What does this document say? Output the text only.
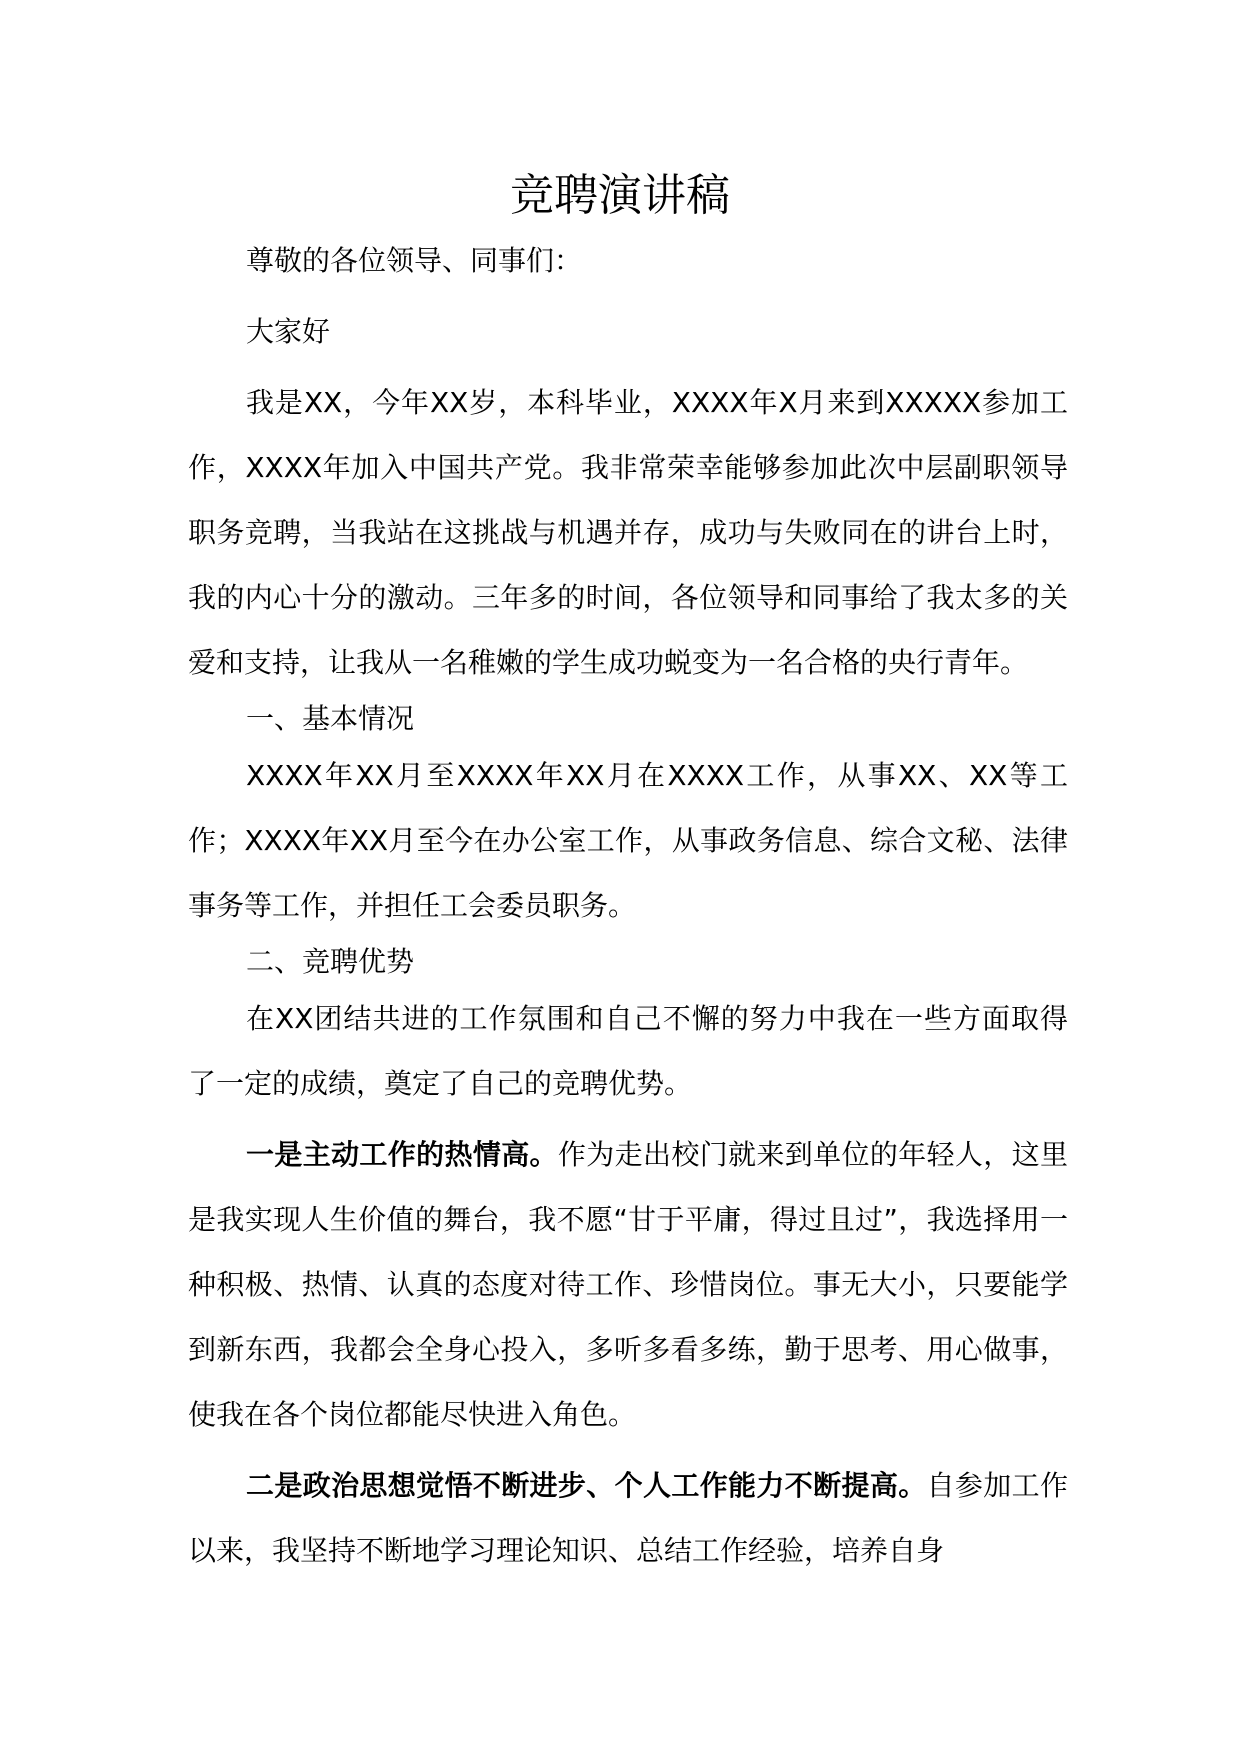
竞聘演讲稿

尊敬的各位领导、同事们：

大家好

我是XX，今年XX岁，本科毕业，XXXX年X月来到XXXXX参加工作，XXXX年加入中国共产党。我非常荣幸能够参加此次中层副职领导职务竞聘，当我站在这挑战与机遇并存，成功与失败同在的讲台上时，我的内心十分的激动。三年多的时间，各位领导和同事给了我太多的关爱和支持，让我从一名稚嫩的学生成功蜕变为一名合格的央行青年。

一、基本情况

XXXX年XX月至XXXX年XX月在XXXX工作，从事XX、XX等工作；XXXX年XX月至今在办公室工作，从事政务信息、综合文秘、法律事务等工作，并担任工会委员职务。

二、竞聘优势

在XX团结共进的工作氛围和自己不懈的努力中我在一些方面取得了一定的成绩，奠定了自己的竞聘优势。

一是主动工作的热情高。作为走出校门就来到单位的年轻人，这里是我实现人生价值的舞台，我不愿“甘于平庸，得过且过”，我选择用一种积极、热情、认真的态度对待工作、珍惜岗位。事无大小，只要能学到新东西，我都会全身心投入，多听多看多练，勤于思考、用心做事，使我在各个岗位都能尽快进入角色。

二是政治思想觉悟不断进步、个人工作能力不断提高。自参加工作以来，我坚持不断地学习理论知识、总结工作经验，培养自身
